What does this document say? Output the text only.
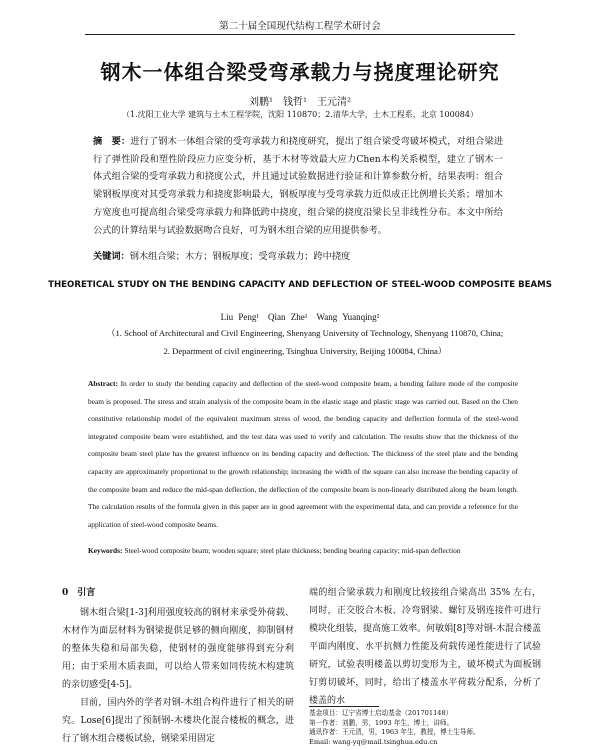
第二十届全国现代结构工程学术研讨会
钢木一体组合梁受弯承载力与挠度理论研究
刘鹏¹　钱哲¹　王元清²
（1.沈阳工业大学 建筑与土木工程学院，沈阳 110870；2.清华大学，土木工程系，北京 100084）
摘　要：进行了钢木一体组合梁的受弯承载力和挠度研究，提出了组合梁受弯破坏模式，对组合梁进行了弹性阶段和塑性阶段应力应变分析，基于木材等效最大应力Chen本构关系模型，建立了钢木一体式组合梁的受弯承载力和挠度公式，并且通过试验数据进行验证和计算参数分析，结果表明：组合梁钢板厚度对其受弯承载力和挠度影响最大，钢板厚度与受弯承载力近似成正比例增长关系；增加木方宽度也可提高组合梁受弯承载力和降低跨中挠度，组合梁的挠度沿梁长呈非线性分布。本文中所给公式的计算结果与试验数据吻合良好，可为钢木组合梁的应用提供参考。
关键词：钢木组合梁；木方；钢板厚度；受弯承载力；跨中挠度
THEORETICAL STUDY ON THE BENDING CAPACITY AND DEFLECTION OF STEEL-WOOD COMPOSITE BEAMS
Liu Peng¹　Qian Zhe¹　Wang Yuanqing²
（1. School of Architectural and Civil Engineering, Shenyang University of Technology, Shenyang 110870, China;
2. Department of civil engineering, Tsinghua University, Beijing 100084, China）
Abstract: In order to study the bending capacity and deflection of the steel-wood composite beam, a bending failure mode of the composite beam is proposed. The stress and strain analysis of the composite beam in the elastic stage and plastic stage was carried out. Based on the Chen constitutive relationship model of the equivalent maximum stress of wood, the bending capacity and deflection formula of the steel-wood integrated composite beam were established, and the test data was used to verify and calculation. The results show that the thickness of the composite beam steel plate has the greatest influence on its bending capacity and deflection. The thickness of the steel plate and the bending capacity are approximately proportional to the growth relationship; increasing the width of the square can also increase the bending capacity of the composite beam and reduce the mid-span deflection, the deflection of the composite beam is non-linearly distributed along the beam length. The calculation results of the formula given in this paper are in good agreement with the experimental data, and can provide a reference for the application of steel-wood composite beams.
Keywords: Steel-wood composite beam; wooden square; steel plate thickness; bending bearing capacity; mid-span deflection
0　引言

钢木组合梁[1-3]利用强度较高的钢材来承受外荷载、木材作为面层材料为钢梁提供足够的侧向刚度，抑制钢材的整体失稳和局部失稳，使钢材的强度能够得到充分利用；由于采用木质表面，可以给人带来如同传统木构建筑的亲切感受[4-5]。

目前，国内外的学者对钢-木组合构件进行了相关的研究。Lose[6]提出了预制钢-木楼块化混合楼板的概念，进行了钢木组合楼板试验，钢梁采用固定

端的组合梁承载力和刚度比较接组合梁高出 35% 左右，同时，正交胶合木板、冷弯钢梁、螺钉及钢连接件可进行模块化组装，提高施工效率。何敏娟[8]等对钢-木混合楼盖平面内刚度、水平抗侧力性能及荷载传递性能进行了试验研究，试验表明楼盖以剪切变形为主，破坏模式为面板钢钉剪切破坏，同时，给出了楼盖水平荷载分配系，分析了楼盖的水

基金项目：辽宁省博士启动基金（201701148）
第一作者：刘鹏，男，1993 年生，博士，讲师。
通讯作者：王元清，男，1963 年生，教授，博士生导师。
Email: wang-yq@mail.tsinghua.edu.cn
